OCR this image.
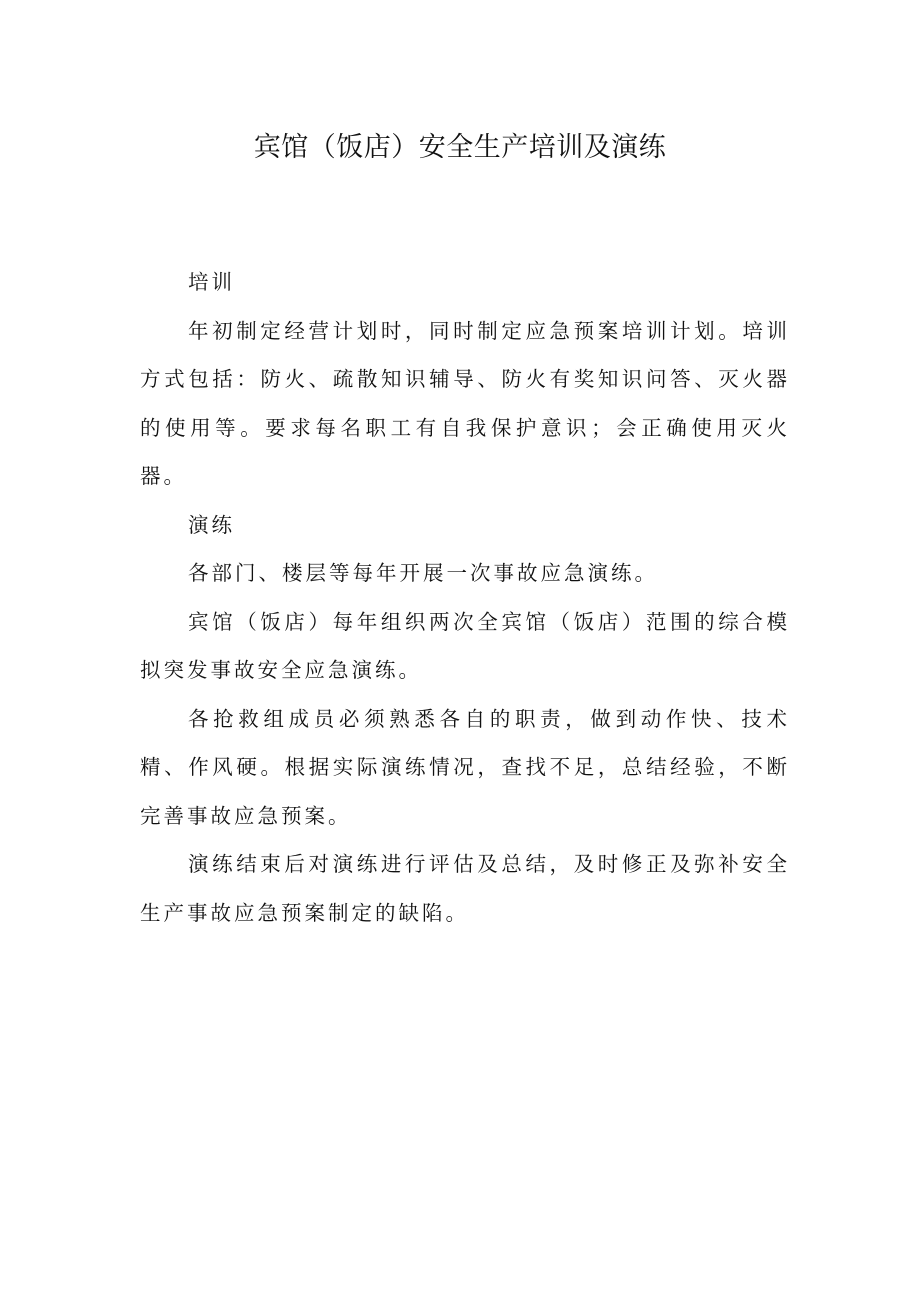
宾馆（饭店）安全生产培训及演练

培训

年初制定经营计划时，同时制定应急预案培训计划。培训方式包括：防火、疏散知识辅导、防火有奖知识问答、灭火器的使用等。要求每名职工有自我保护意识；会正确使用灭火器。

演练

各部门、楼层等每年开展一次事故应急演练。

宾馆（饭店）每年组织两次全宾馆（饭店）范围的综合模拟突发事故安全应急演练。

各抢救组成员必须熟悉各自的职责，做到动作快、技术精、作风硬。根据实际演练情况，查找不足，总结经验，不断完善事故应急预案。

演练结束后对演练进行评估及总结，及时修正及弥补安全生产事故应急预案制定的缺陷。
